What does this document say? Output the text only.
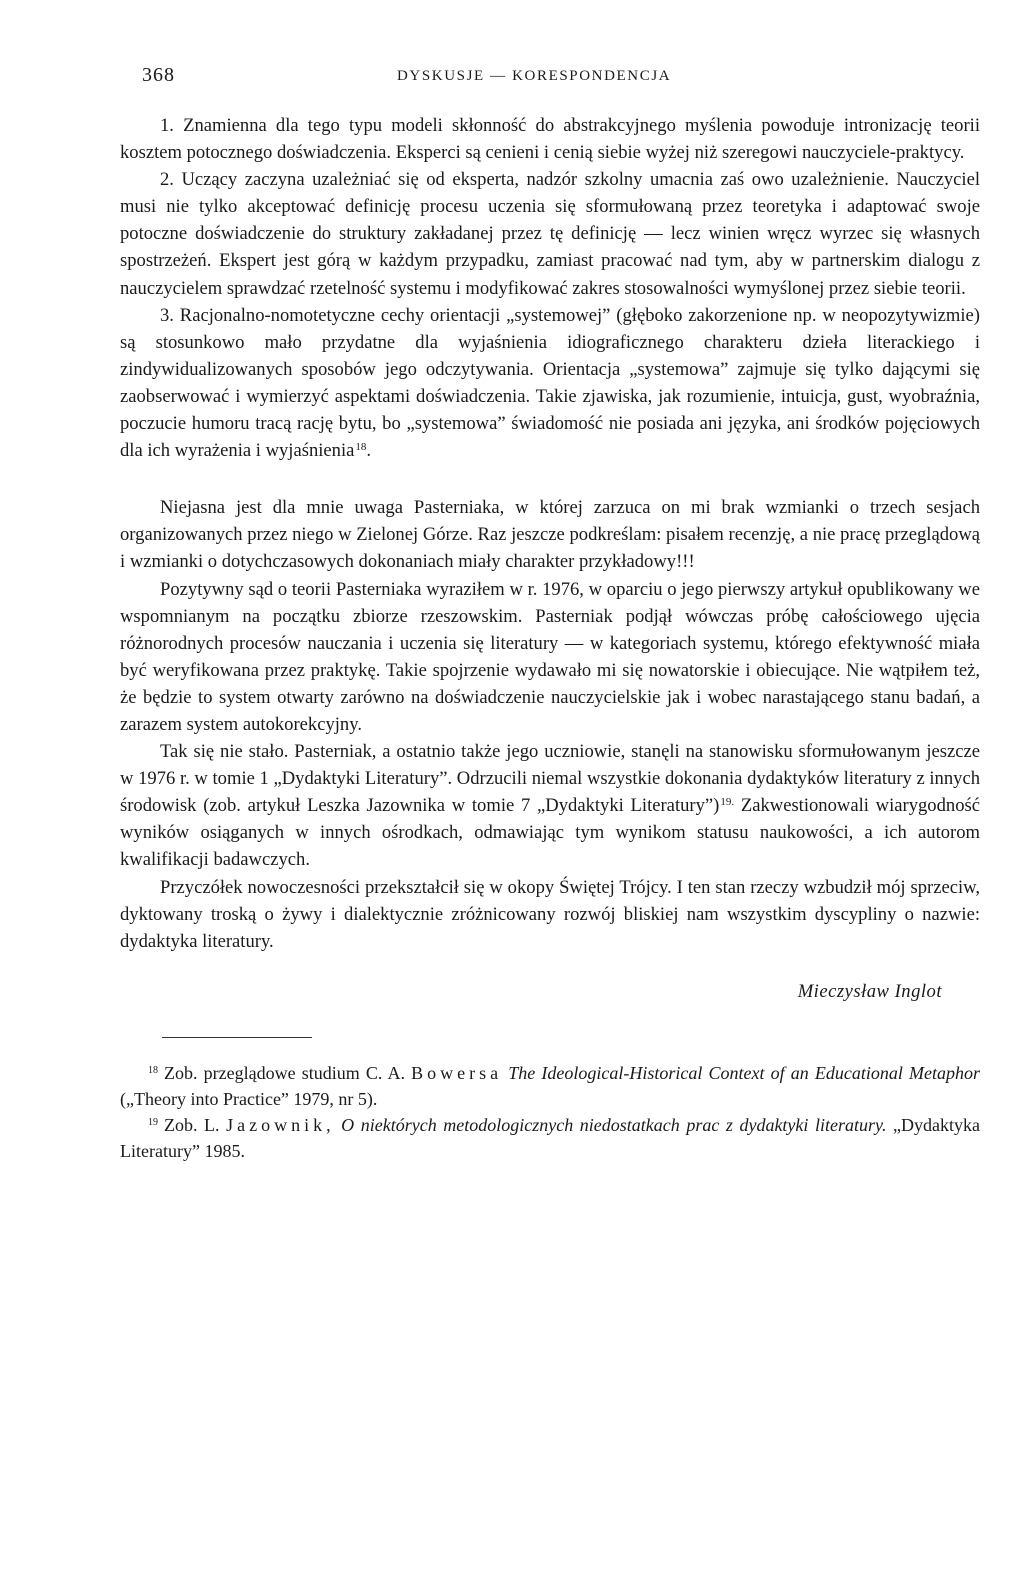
368	DYSKUSJE — KORESPONDENCJA

1. Znamienna dla tego typu modeli skłonność do abstrakcyjnego myślenia powoduje intronizację teorii kosztem potocznego doświadczenia. Eksperci są cenieni i cenią siebie wyżej niż szeregowi nauczyciele-praktycy.

2. Uczący zaczyna uzależniać się od eksperta, nadzór szkolny umacnia zaś owo uzależnienie. Nauczyciel musi nie tylko akceptować definicję procesu uczenia się sformułowaną przez teoretyka i adaptować swoje potoczne doświadczenie do struktury zakładanej przez tę definicję — lecz winien wręcz wyrzec się własnych spostrzeżeń. Ekspert jest górą w każdym przypadku, zamiast pracować nad tym, aby w partnerskim dialogu z nauczycielem sprawdzać rzetelność systemu i modyfikować zakres stosowalności wymyślonej przez siebie teorii.

3. Racjonalno-nomotetyczne cechy orientacji „systemowej” (głęboko zakorzenione np. w neopozytywizmie) są stosunkowo mało przydatne dla wyjaśnienia idiograficznego charakteru dzieła literackiego i zindywidualizowanych sposobów jego odczytywania. Orientacja „systemowa” zajmuje się tylko dającymi się zaobserwować i wymierzyć aspektami doświadczenia. Takie zjawiska, jak rozumienie, intuicja, gust, wyobraźnia, poczucie humoru tracą rację bytu, bo „systemowa” świadomość nie posiada ani języka, ani środków pojęciowych dla ich wyrażenia i wyjaśnienia$^{18}$.

Niejasna jest dla mnie uwaga Pasterniaka, w której zarzuca on mi brak wzmianki o trzech sesjach organizowanych przez niego w Zielonej Górze. Raz jeszcze podkreślam: pisałem recenzję, a nie pracę przeglądową i wzmianki o dotychczasowych dokonaniach miały charakter przykładowy!!!

Pozytywny sąd o teorii Pasterniaka wyraziłem w r. 1976, w oparciu o jego pierwszy artykuł opublikowany we wspomnianym na początku zbiorze rzeszowskim. Pasterniak podjął wówczas próbę całościowego ujęcia różnorodnych procesów nauczania i uczenia się literatury — w kategoriach systemu, którego efektywność miała być weryfikowana przez praktykę. Takie spojrzenie wydawało mi się nowatorskie i obiecujące. Nie wątpiłem też, że będzie to system otwarty zarówno na doświadczenie nauczycielskie jak i wobec narastającego stanu badań, a zarazem system autokorekcyjny.

Tak się nie stało. Pasterniak, a ostatnio także jego uczniowie, stanęli na stanowisku sformułowanym jeszcze w 1976 r. w tomie 1 „Dydaktyki Literatury”. Odrzucili niemal wszystkie dokonania dydaktyków literatury z innych środowisk (zob. artykuł Leszka Jazownika w tomie 7 „Dydaktyki Literatury”)$^{19.}$ Zakwestionowali wiarygodność wyników osiąganych w innych ośrodkach, odmawiając tym wynikom statusu naukowości, a ich autorom kwalifikacji badawczych.

Przyczółek nowoczesności przekształcił się w okopy Świętej Trójcy. I ten stan rzeczy wzbudził mój sprzeciw, dyktowany troską o żywy i dialektycznie zróżnicowany rozwój bliskiej nam wszystkim dyscypliny o nazwie: dydaktyka literatury.

Mieczysław Inglot

$^{18}$ Zob. przeglądowe studium C. A. Bowersa The Ideological-Historical Context of an Educational Metaphor („Theory into Practice” 1979, nr 5).

$^{19}$ Zob. L. Jazownik, O niektórych metodologicznych niedostatkach prac z dydaktyki literatury. „Dydaktyka Literatury” 1985.
